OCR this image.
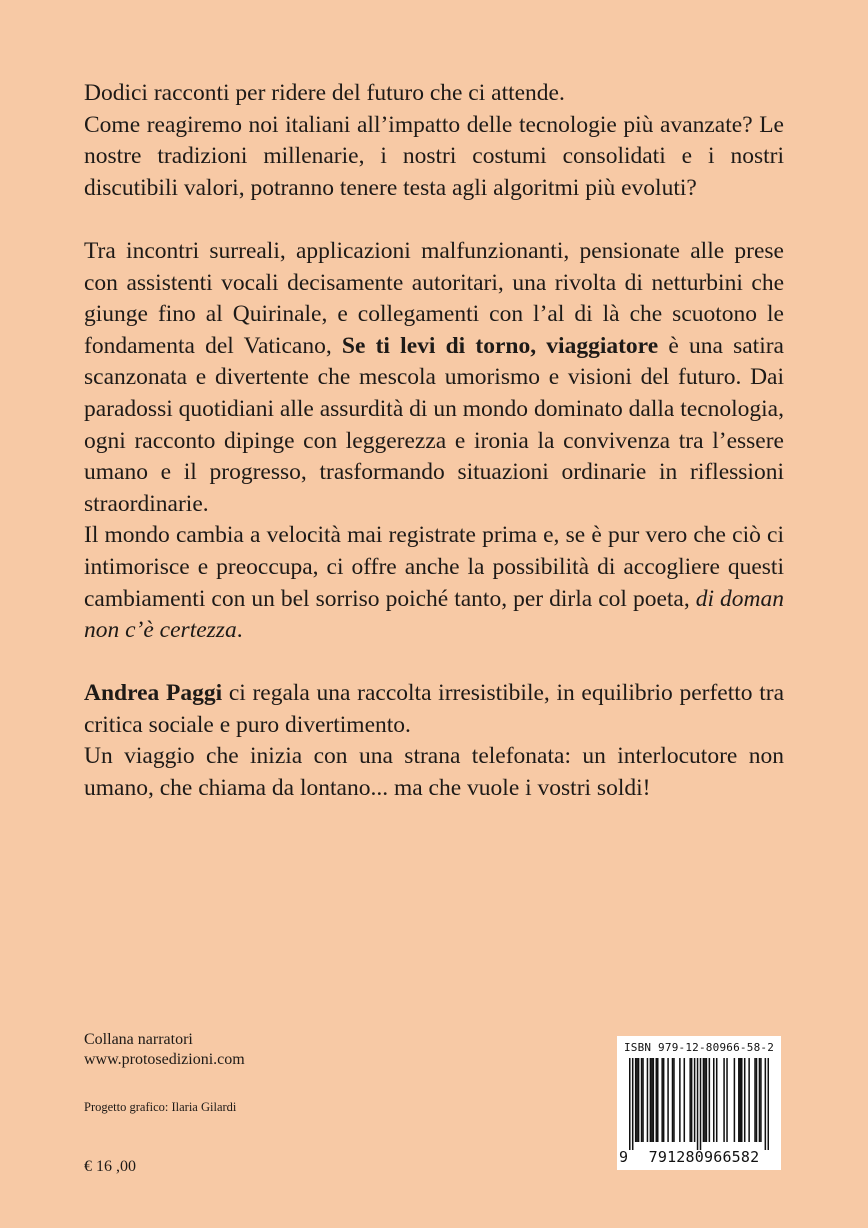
Dodici racconti per ridere del futuro che ci attende.

Come reagiremo noi italiani all’impatto delle tecnologie più avanzate? Le nostre tradizioni millenarie, i nostri costumi consolidati e i nostri discutibili valori, potranno tenere testa agli algoritmi più evoluti?

Tra incontri surreali, applicazioni malfunzionanti, pensionate alle prese con assistenti vocali decisamente autoritari, una rivolta di netturbini che giunge fino al Quirinale, e collegamenti con l’al di là che scuotono le fondamenta del Vaticano, Se ti levi di torno, viaggiatore è una satira scanzonata e divertente che mescola umorismo e visioni del futuro. Dai paradossi quotidiani alle assurdità di un mondo dominato dalla tecnologia, ogni racconto dipinge con leggerezza e ironia la convivenza tra l’essere umano e il progresso, trasformando situazioni ordinarie in riflessioni straordinarie.

Il mondo cambia a velocità mai registrate prima e, se è pur vero che ciò ci intimorisce e preoccupa, ci offre anche la possibilità di accogliere questi cambiamenti con un bel sorriso poiché tanto, per dirla col poeta, di doman non c’è certezza.

Andrea Paggi ci regala una raccolta irresistibile, in equilibrio perfetto tra critica sociale e puro divertimento.

Un viaggio che inizia con una strana telefonata: un interlocutore non umano, che chiama da lontano... ma che vuole i vostri soldi!

Collana narratori
www.protosedizioni.com
Progetto grafico: Ilaria Gilardi
€ 16 ,00
ISBN 979-12-80966-58-2
9	791280966582
